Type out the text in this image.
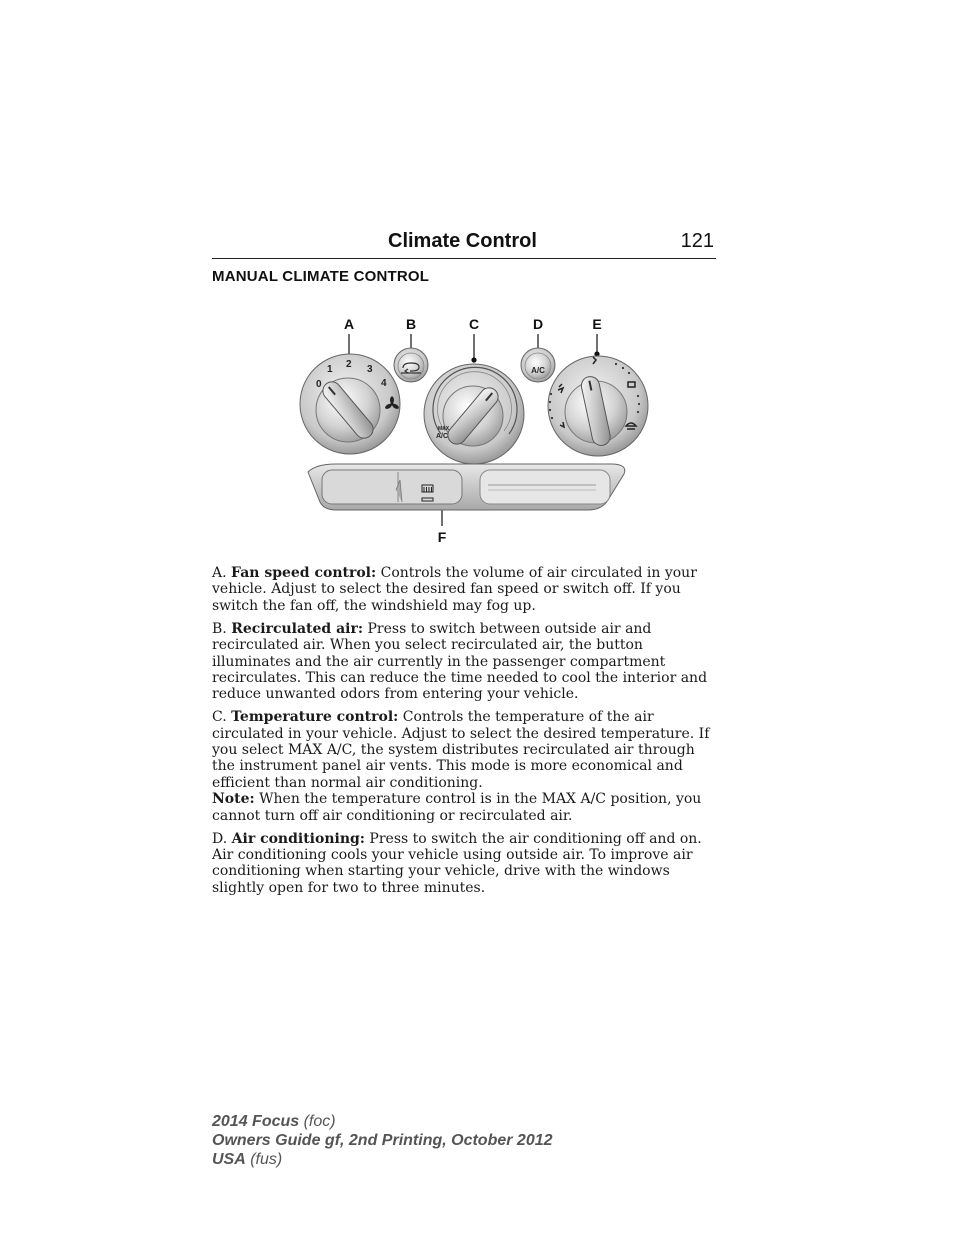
Climate Control	121
MANUAL CLIMATE CONTROL
A	B	C	D	E
F
0
1 2 3
4
MAX
A/C
A/C

A. Fan speed control: Controls the volume of air circulated in your vehicle. Adjust to select the desired fan speed or switch off. If you switch the fan off, the windshield may fog up.

B. Recirculated air: Press to switch between outside air and recirculated air. When you select recirculated air, the button illuminates and the air currently in the passenger compartment recirculates. This can reduce the time needed to cool the interior and reduce unwanted odors from entering your vehicle.

C. Temperature control: Controls the temperature of the air circulated in your vehicle. Adjust to select the desired temperature. If you select MAX A/C, the system distributes recirculated air through the instrument panel air vents. This mode is more economical and efficient than normal air conditioning.

Note: When the temperature control is in the MAX A/C position, you cannot turn off air conditioning or recirculated air.

D. Air conditioning: Press to switch the air conditioning off and on. Air conditioning cools your vehicle using outside air. To improve air conditioning when starting your vehicle, drive with the windows slightly open for two to three minutes.

2014 Focus (foc)
Owners Guide gf, 2nd Printing, October 2012
USA (fus)
